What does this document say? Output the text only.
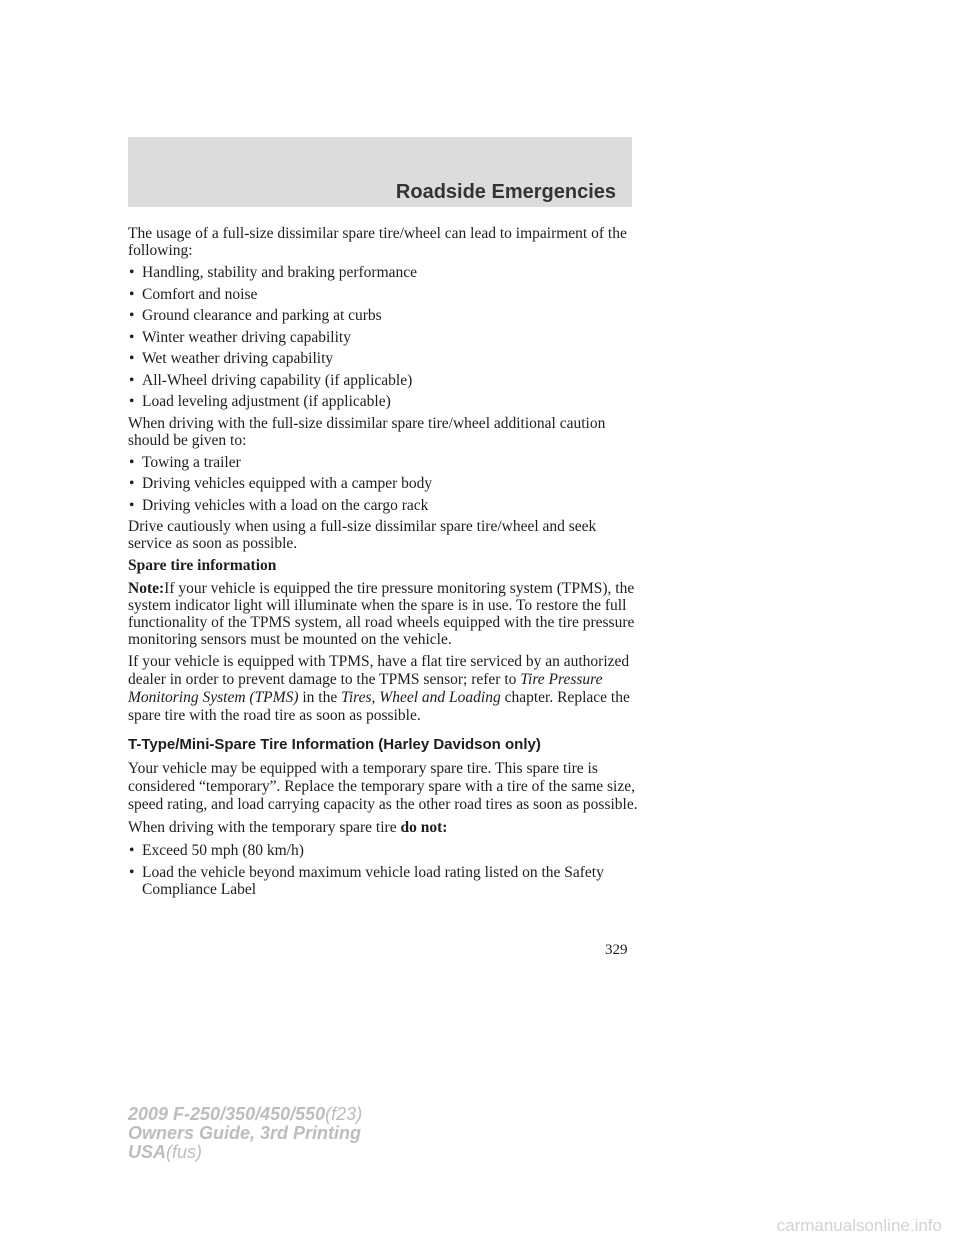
Roadside Emergencies

The usage of a full-size dissimilar spare tire/wheel can lead to impairment of the following:

• Handling, stability and braking performance
• Comfort and noise
• Ground clearance and parking at curbs
• Winter weather driving capability
• Wet weather driving capability
• All-Wheel driving capability (if applicable)
• Load leveling adjustment (if applicable)

When driving with the full-size dissimilar spare tire/wheel additional caution should be given to:

• Towing a trailer
• Driving vehicles equipped with a camper body
• Driving vehicles with a load on the cargo rack

Drive cautiously when using a full-size dissimilar spare tire/wheel and seek service as soon as possible.

Spare tire information

Note:If your vehicle is equipped the tire pressure monitoring system (TPMS), the system indicator light will illuminate when the spare is in use. To restore the full functionality of the TPMS system, all road wheels equipped with the tire pressure monitoring sensors must be mounted on the vehicle.

If your vehicle is equipped with TPMS, have a flat tire serviced by an authorized dealer in order to prevent damage to the TPMS sensor; refer to Tire Pressure Monitoring System (TPMS) in the Tires, Wheel and Loading chapter. Replace the spare tire with the road tire as soon as possible.

T-Type/Mini-Spare Tire Information (Harley Davidson only)

Your vehicle may be equipped with a temporary spare tire. This spare tire is considered “temporary”. Replace the temporary spare with a tire of the same size, speed rating, and load carrying capacity as the other road tires as soon as possible.

When driving with the temporary spare tire do not:

• Exceed 50 mph (80 km/h)
• Load the vehicle beyond maximum vehicle load rating listed on the Safety Compliance Label
329
2009 F-250/350/450/550(f23)
Owners Guide, 3rd Printing
USA(fus)
carmanualsonline.info
